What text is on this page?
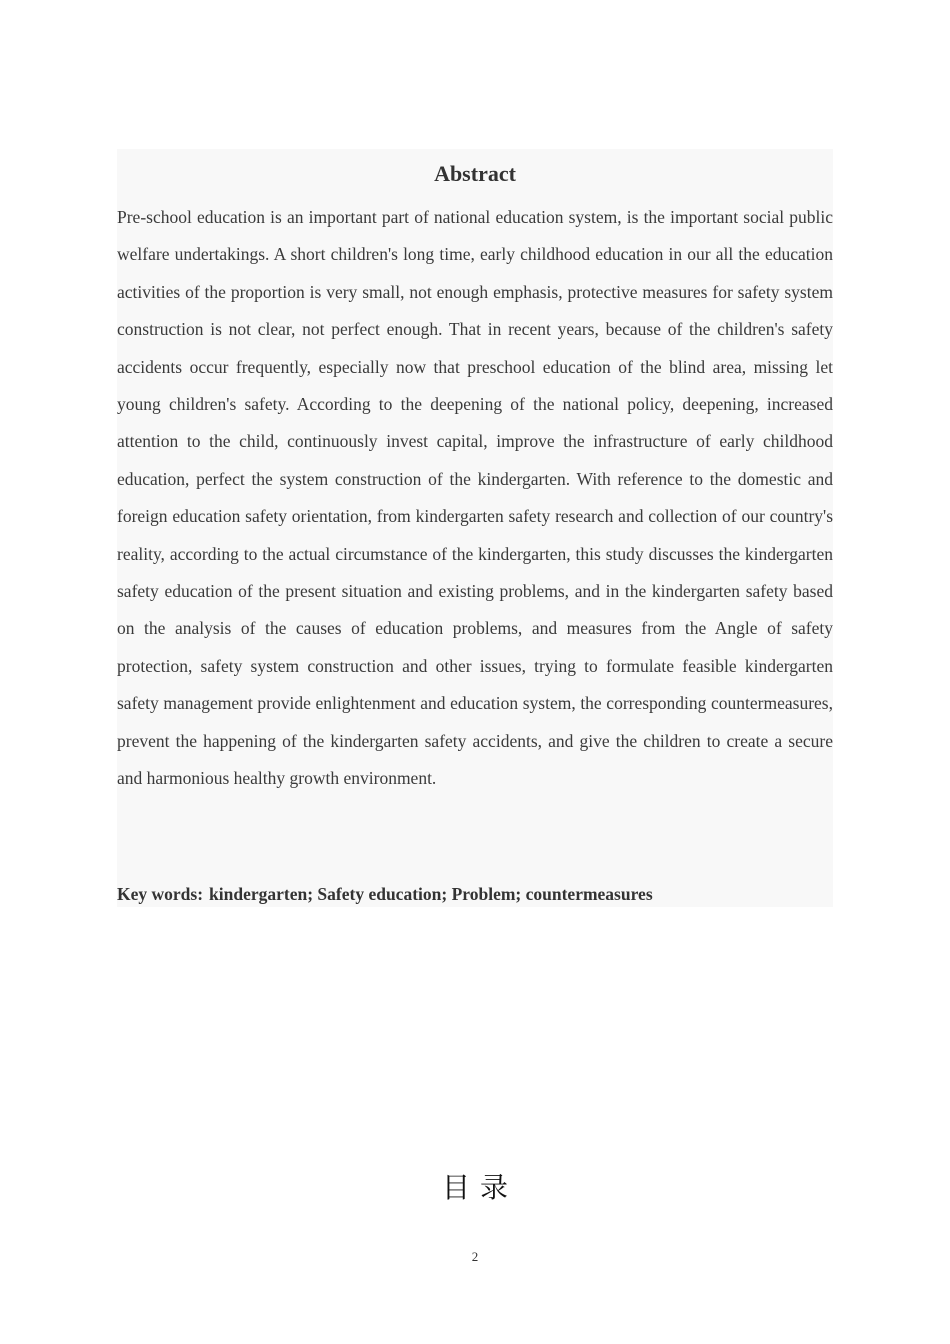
Abstract

Pre-school education is an important part of national education system, is the important social public welfare undertakings. A short children's long time, early childhood education in our all the education activities of the proportion is very small, not enough emphasis, protective measures for safety system construction is not clear, not perfect enough. That in recent years, because of the children's safety accidents occur frequently, especially now that preschool education of the blind area, missing let young children's safety. According to the deepening of the national policy, deepening, increased attention to the child, continuously invest capital, improve the infrastructure of early childhood education, perfect the system construction of the kindergarten. With reference to the domestic and foreign education safety orientation, from kindergarten safety research and collection of our country's reality, according to the actual circumstance of the kindergarten, this study discusses the kindergarten safety education of the present situation and existing problems, and in the kindergarten safety based on the analysis of the causes of education problems, and measures from the Angle of safety protection, safety system construction and other issues, trying to formulate feasible kindergarten safety management provide enlightenment and education system, the corresponding countermeasures, prevent the happening of the kindergarten safety accidents, and give the children to create a secure and harmonious healthy growth environment.

Key words: kindergarten; Safety education; Problem; countermeasures
目录
2
